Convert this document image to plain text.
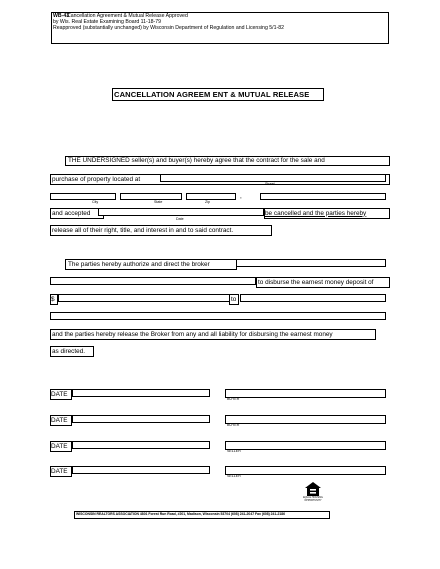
WB-43
Cancellation Agreement & Mutual Release Approved
by Wis. Real Estate Examining Board 11-18-79
Reapproved (substantially unchanged) by Wisconsin Department of Regulation and Licensing 5/1-82
CANCELLATION AGREEM ENT & MUTUAL RELEASE
THE UNDERSIGNED seller(s) and buyer(s) hereby agree that the contract for the sale and
purchase of property located at
Street
City	State	Zip
,
and accepted
Date
be cancelled and the parties hereby
release all of their right, title, and interest in and to said contract.
The parties hereby authorize and direct the broker
to disburse the earnest money deposit of
$	to
and the parties hereby release the Broker from any and all liability for disbursing the earnest money
as directed.
DATE
BUYER
DATE
BUYER
DATE
SELLER
DATE
SELLER
EQUAL HOUSING OPPORTUNITY
WISCONSIN REALTORS ASSOCIATION 4801 Forest Run Road, #201, Madison, Wisconsin 53704 (608) 241-2047 Fax (608) 241-2186
